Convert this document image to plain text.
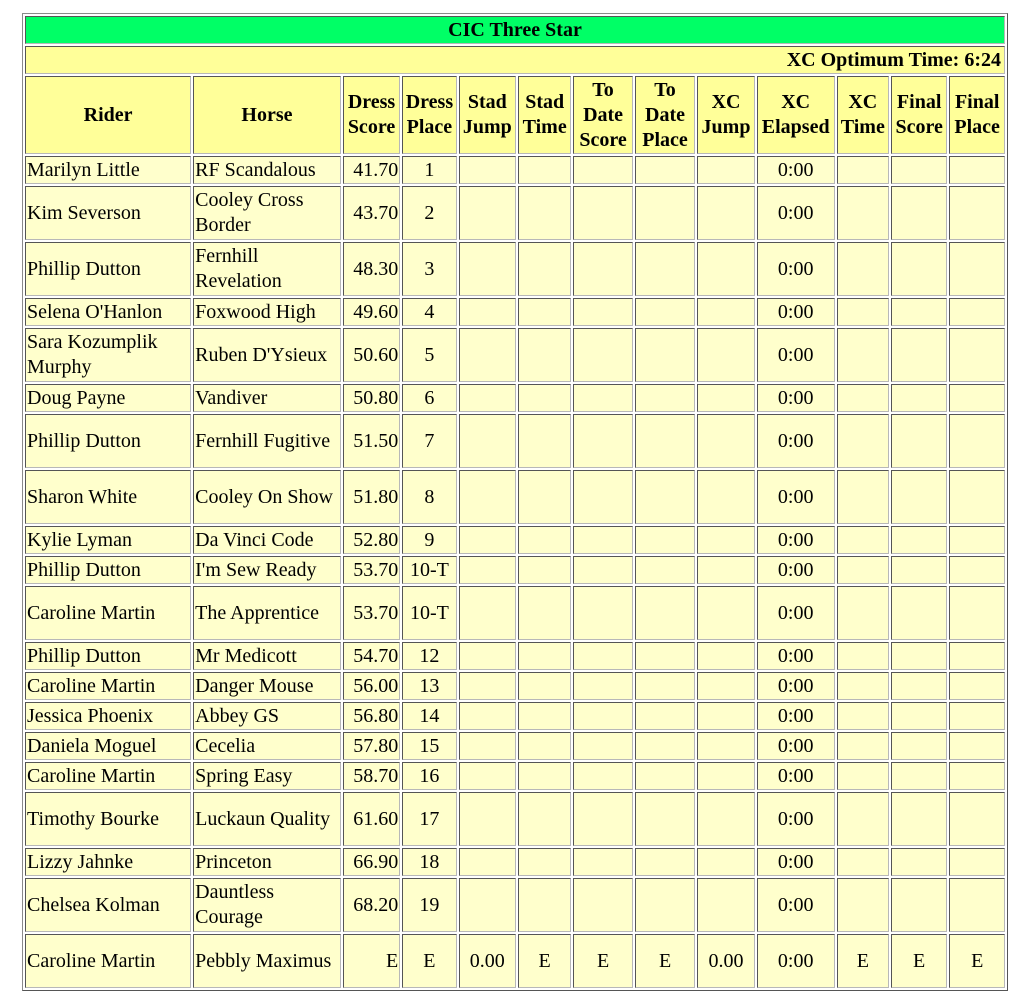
CIC Three Star												
XC Optimum Time: 6:24												
Rider	Horse	Dress Score	Dress Place	Stad Jump	Stad Time	To Date Score	To Date Place	XC Jump	XC Elapsed	XC Time	Final Score	Final Place
Marilyn Little	RF Scandalous	41.70	1						0:00			
Kim Severson	Cooley Cross Border	43.70	2						0:00			
Phillip Dutton	Fernhill Revelation	48.30	3						0:00			
Selena O'Hanlon	Foxwood High	49.60	4						0:00			
Sara Kozumplik Murphy	Ruben D'Ysieux	50.60	5						0:00			
Doug Payne	Vandiver	50.80	6						0:00			
Phillip Dutton	Fernhill Fugitive	51.50	7						0:00			
Sharon White	Cooley On Show	51.80	8						0:00			
Kylie Lyman	Da Vinci Code	52.80	9						0:00			
Phillip Dutton	I'm Sew Ready	53.70	10-T						0:00			
Caroline Martin	The Apprentice	53.70	10-T						0:00			
Phillip Dutton	Mr Medicott	54.70	12						0:00			
Caroline Martin	Danger Mouse	56.00	13						0:00			
Jessica Phoenix	Abbey GS	56.80	14						0:00			
Daniela Moguel	Cecelia	57.80	15						0:00			
Caroline Martin	Spring Easy	58.70	16						0:00			
Timothy Bourke	Luckaun Quality	61.60	17						0:00			
Lizzy Jahnke	Princeton	66.90	18						0:00			
Chelsea Kolman	Dauntless Courage	68.20	19						0:00			
Caroline Martin	Pebbly Maximus	E	E	0.00	E	E	E	0.00	0:00	E	E	E
